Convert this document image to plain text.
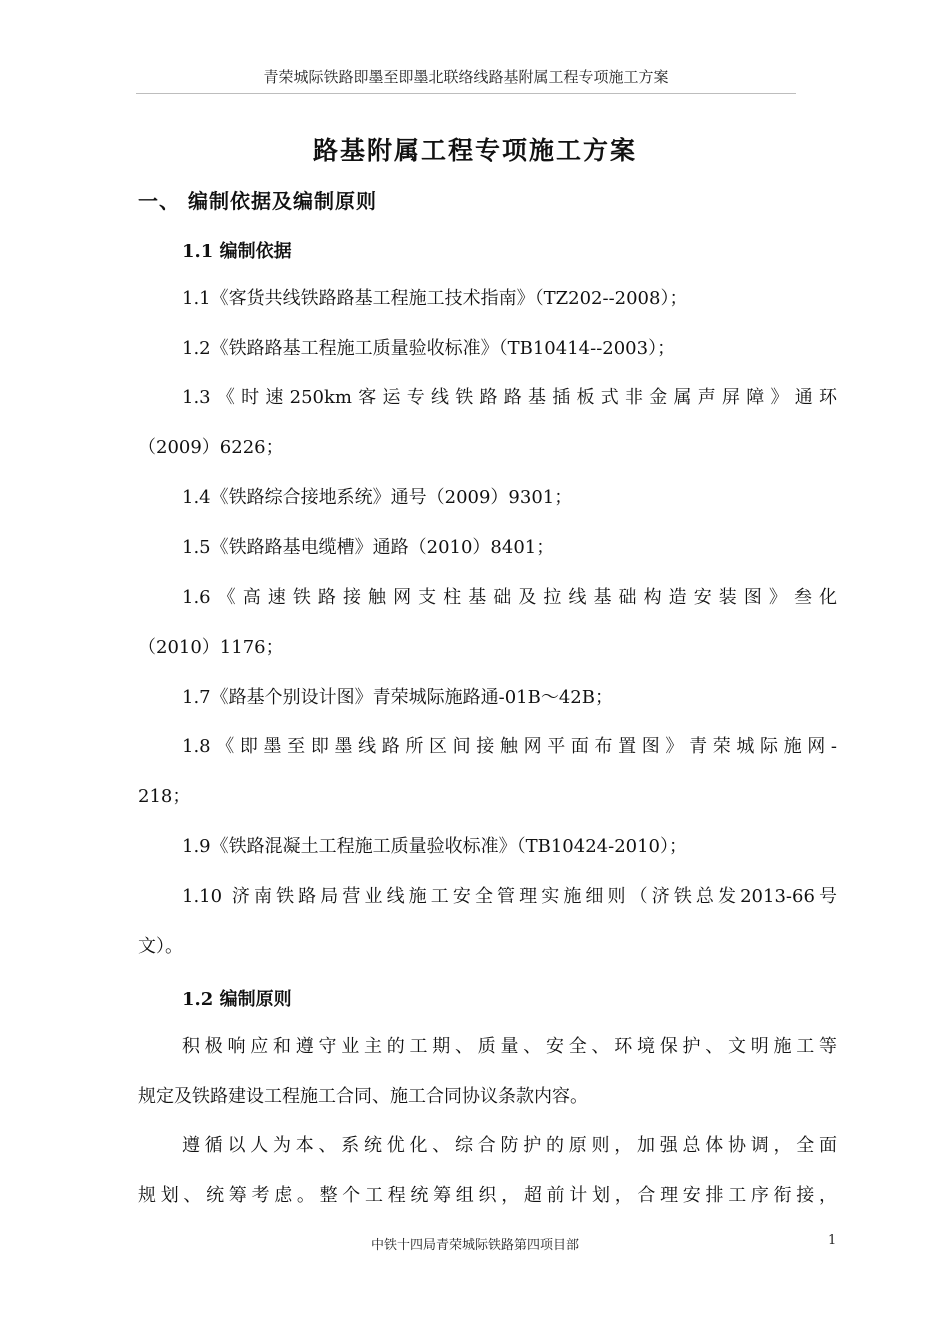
青荣城际铁路即墨至即墨北联络线路基附属工程专项施工方案
路基附属工程专项施工方案
一、 编制依据及编制原则
1.1 编制依据
1.1《客货共线铁路路基工程施工技术指南》（TZ202--2008）；
1.2《铁路路基工程施工质量验收标准》（TB10414--2003）；
1.3《时速250km客运专线铁路路基插板式非金属声屏障》通环
（2009）6226；
1.4《铁路综合接地系统》通号（2009）9301；
1.5《铁路路基电缆槽》通路（2010）8401；
1.6《高速铁路接触网支柱基础及拉线基础构造安装图》叁化
（2010）1176；
1.7《路基个别设计图》青荣城际施路通-01B～42B；
1.8《即墨至即墨线路所区间接触网平面布置图》青荣城际施网-
218；
1.9《铁路混凝土工程施工质量验收标准》（TB10424-2010）；
1.10 济南铁路局营业线施工安全管理实施细则（济铁总发2013-66号
文）。
1.2 编制原则
积极响应和遵守业主的工期、质量、安全、环境保护、文明施工等
规定及铁路建设工程施工合同、施工合同协议条款内容。
遵循以人为本、系统优化、综合防护的原则，加强总体协调，全面
规划、统筹考虑。整个工程统筹组织，超前计划，合理安排工序衔接，
中铁十四局青荣城际铁路第四项目部	1
